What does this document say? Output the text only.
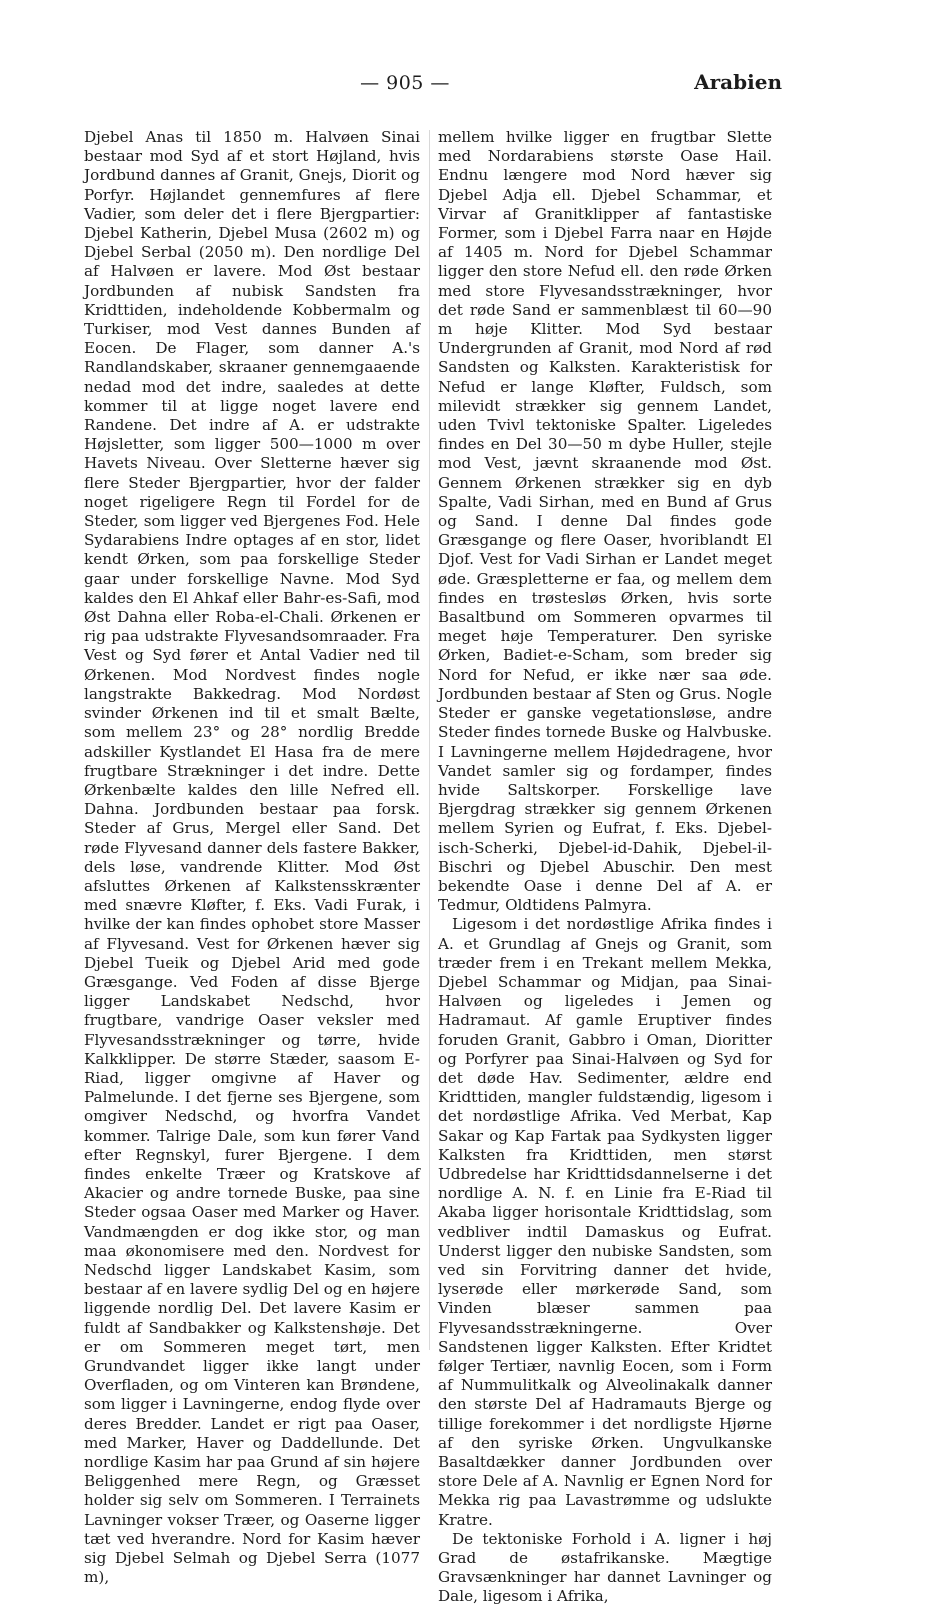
— 905 —	Arabien

Djebel Anas til 1850 m. Halvøen Sinai bestaar mod Syd af et stort Højland, hvis Jordbund dannes af Granit, Gnejs, Diorit og Porfyr. Højlandet gennemfures af flere Vadier, som deler det i flere Bjergpartier: Djebel Katherin, Djebel Musa (2602 m) og Djebel Serbal (2050 m). Den nordlige Del af Halvøen er lavere. Mod Øst bestaar Jordbunden af nubisk Sandsten fra Kridttiden, indeholdende Kobbermalm og Turkiser, mod Vest dannes Bunden af Eocen. De Flager, som danner A.'s Randlandskaber, skraaner gennemgaaende nedad mod det indre, saaledes at dette kommer til at ligge noget lavere end Randene. Det indre af A. er udstrakte Højsletter, som ligger 500—1000 m over Havets Niveau. Over Sletterne hæver sig flere Steder Bjergpartier, hvor der falder noget rigeligere Regn til Fordel for de Steder, som ligger ved Bjergenes Fod. Hele Sydarabiens Indre optages af en stor, lidet kendt Ørken, som paa forskellige Steder gaar under forskellige Navne. Mod Syd kaldes den El Ahkaf eller Bahr-es-Safi, mod Øst Dahna eller Roba-el-Chali. Ørkenen er rig paa udstrakte Flyvesandsomraader. Fra Vest og Syd fører et Antal Vadier ned til Ørkenen. Mod Nordvest findes nogle langstrakte Bakkedrag. Mod Nordøst svinder Ørkenen ind til et smalt Bælte, som mellem 23° og 28° nordlig Bredde adskiller Kystlandet El Hasa fra de mere frugtbare Strækninger i det indre. Dette Ørkenbælte kaldes den lille Nefred ell. Dahna. Jordbunden bestaar paa forsk. Steder af Grus, Mergel eller Sand. Det røde Flyvesand danner dels fastere Bakker, dels løse, vandrende Klitter. Mod Øst afsluttes Ørkenen af Kalkstensskrænter med snævre Kløfter, f. Eks. Vadi Furak, i hvilke der kan findes ophobet store Masser af Flyvesand. Vest for Ørkenen hæver sig Djebel Tueik og Djebel Arid med gode Græsgange. Ved Foden af disse Bjerge ligger Landskabet Nedschd, hvor frugtbare, vandrige Oaser veksler med Flyvesandsstrækninger og tørre, hvide Kalkklipper. De større Stæder, saasom E-Riad, ligger omgivne af Haver og Palmelunde. I det fjerne ses Bjergene, som omgiver Nedschd, og hvorfra Vandet kommer. Talrige Dale, som kun fører Vand efter Regnskyl, furer Bjergene. I dem findes enkelte Træer og Kratskove af Akacier og andre tornede Buske, paa sine Steder ogsaa Oaser med Marker og Haver. Vandmængden er dog ikke stor, og man maa økonomisere med den. Nordvest for Nedschd ligger Landskabet Kasim, som bestaar af en lavere sydlig Del og en højere liggende nordlig Del. Det lavere Kasim er fuldt af Sandbakker og Kalkstenshøje. Det er om Sommeren meget tørt, men Grundvandet ligger ikke langt under Overfladen, og om Vinteren kan Brøndene, som ligger i Lavningerne, endog flyde over deres Bredder. Landet er rigt paa Oaser, med Marker, Haver og Daddellunde. Det nordlige Kasim har paa Grund af sin højere Beliggenhed mere Regn, og Græsset holder sig selv om Sommeren. I Terrainets Lavninger vokser Træer, og Oaserne ligger tæt ved hverandre. Nord for Kasim hæver sig Djebel Selmah og Djebel Serra (1077 m),

mellem hvilke ligger en frugtbar Slette med Nordarabiens største Oase Hail. Endnu længere mod Nord hæver sig Djebel Adja ell. Djebel Schammar, et Virvar af Granitklipper af fantastiske Former, som i Djebel Farra naar en Højde af 1405 m. Nord for Djebel Schammar ligger den store Nefud ell. den røde Ørken med store Flyvesandsstrækninger, hvor det røde Sand er sammenblæst til 60—90 m høje Klitter. Mod Syd bestaar Undergrunden af Granit, mod Nord af rød Sandsten og Kalksten. Karakteristisk for Nefud er lange Kløfter, Fuldsch, som milevidt strækker sig gennem Landet, uden Tvivl tektoniske Spalter. Ligeledes findes en Del 30—50 m dybe Huller, stejle mod Vest, jævnt skraanende mod Øst. Gennem Ørkenen strækker sig en dyb Spalte, Vadi Sirhan, med en Bund af Grus og Sand. I denne Dal findes gode Græsgange og flere Oaser, hvoriblandt El Djof. Vest for Vadi Sirhan er Landet meget øde. Græspletterne er faa, og mellem dem findes en trøstesløs Ørken, hvis sorte Basaltbund om Sommeren opvarmes til meget høje Temperaturer. Den syriske Ørken, Badiet-e-Scham, som breder sig Nord for Nefud, er ikke nær saa øde. Jordbunden bestaar af Sten og Grus. Nogle Steder er ganske vegetationsløse, andre Steder findes tornede Buske og Halvbuske. I Lavningerne mellem Højdedragene, hvor Vandet samler sig og fordamper, findes hvide Saltskorper. Forskellige lave Bjergdrag strækker sig gennem Ørkenen mellem Syrien og Eufrat, f. Eks. Djebel-isch-Scherki, Djebel-id-Dahik, Djebel-il-Bischri og Djebel Abuschir. Den mest bekendte Oase i denne Del af A. er Tedmur, Oldtidens Palmyra.

Ligesom i det nordøstlige Afrika findes i A. et Grundlag af Gnejs og Granit, som træder frem i en Trekant mellem Mekka, Djebel Schammar og Midjan, paa Sinai-Halvøen og ligeledes i Jemen og Hadramaut. Af gamle Eruptiver findes foruden Granit, Gabbro i Oman, Dioritter og Porfyrer paa Sinai-Halvøen og Syd for det døde Hav. Sedimenter, ældre end Kridttiden, mangler fuldstændig, ligesom i det nordøstlige Afrika. Ved Merbat, Kap Sakar og Kap Fartak paa Sydkysten ligger Kalksten fra Kridttiden, men størst Udbredelse har Kridttidsdannelserne i det nordlige A. N. f. en Linie fra E-Riad til Akaba ligger horisontale Kridttidslag, som vedbliver indtil Damaskus og Eufrat. Underst ligger den nubiske Sandsten, som ved sin Forvitring danner det hvide, lyserøde eller mørkerøde Sand, som Vinden blæser sammen paa Flyvesandsstrækningerne. Over Sandstenen ligger Kalksten. Efter Kridtet følger Tertiær, navnlig Eocen, som i Form af Nummulitkalk og Alveolinakalk danner den største Del af Hadramauts Bjerge og tillige forekommer i det nordligste Hjørne af den syriske Ørken. Ungvulkanske Basaltdækker danner Jordbunden over store Dele af A. Navnlig er Egnen Nord for Mekka rig paa Lavastrømme og udslukte Kratre.

De tektoniske Forhold i A. ligner i høj Grad de østafrikanske. Mægtige Gravsænkninger har dannet Lavninger og Dale, ligesom i Afrika,
